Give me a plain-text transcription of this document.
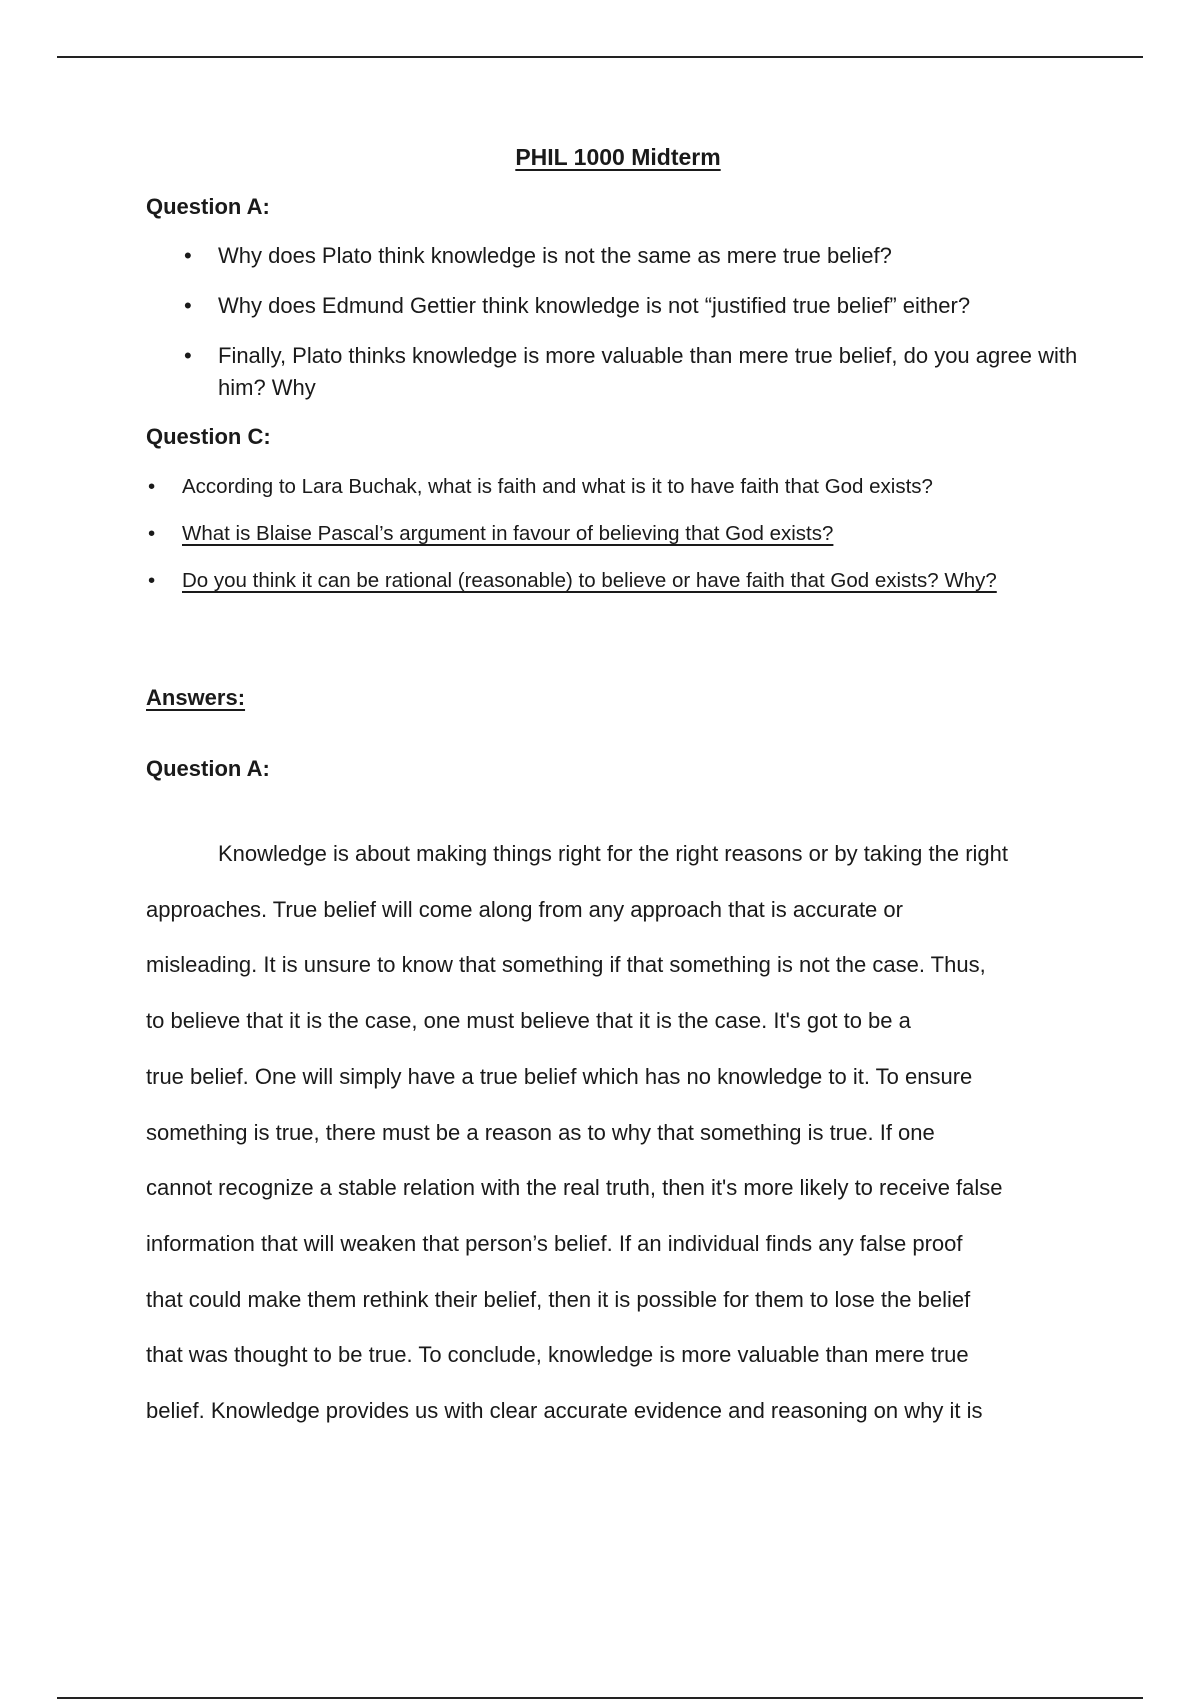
PHIL 1000 Midterm
Question A:
• Why does Plato think knowledge is not the same as mere true belief?
• Why does Edmund Gettier think knowledge is not “justified true belief” either?
• Finally, Plato thinks knowledge is more valuable than mere true belief, do you agree with him? Why
Question C:
• According to Lara Buchak, what is faith and what is it to have faith that God exists?
• What is Blaise Pascal’s argument in favour of believing that God exists?
• Do you think it can be rational (reasonable) to believe or have faith that God exists? Why?
Answers:
Question A:

Knowledge is about making things right for the right reasons or by taking the right
approaches. True belief will come along from any approach that is accurate or
misleading. It is unsure to know that something if that something is not the case. Thus,
to believe that it is the case, one must believe that it is the case. It's got to be a
true belief. One will simply have a true belief which has no knowledge to it. To ensure
something is true, there must be a reason as to why that something is true. If one
cannot recognize a stable relation with the real truth, then it's more likely to receive false
information that will weaken that person’s belief. If an individual finds any false proof
that could make them rethink their belief, then it is possible for them to lose the belief
that was thought to be true. To conclude, knowledge is more valuable than mere true
belief. Knowledge provides us with clear accurate evidence and reasoning on why it is
